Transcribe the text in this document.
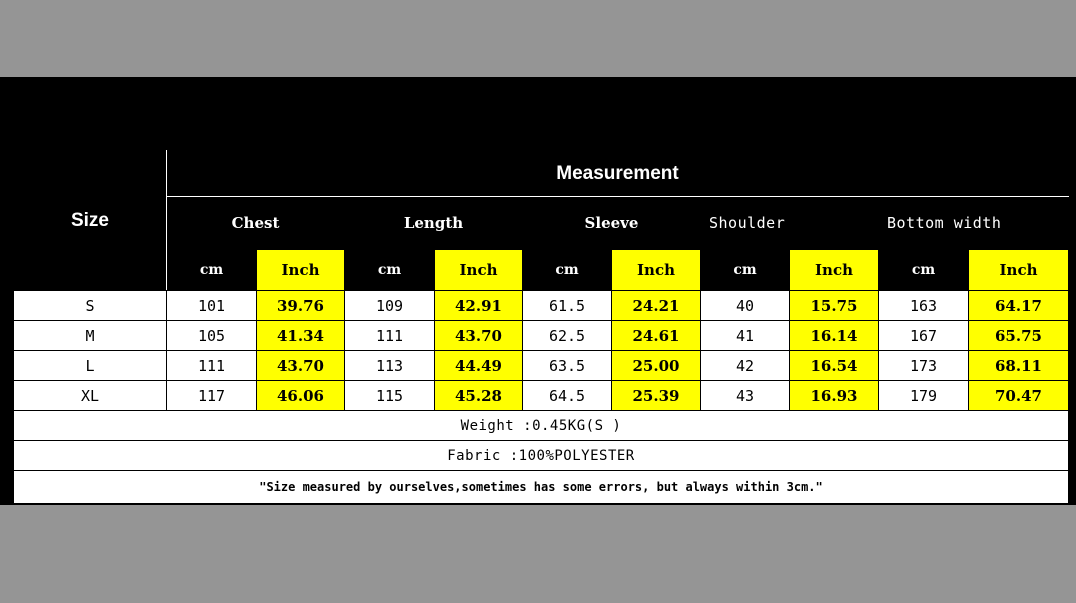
Size	Measurement									
	Chest		Length		Sleeve		Shoulder		Bottom width	
	cm	Inch	cm	Inch	cm	Inch	cm	Inch	cm	Inch
S	101	39.76	109	42.91	61.5	24.21	40	15.75	163	64.17
M	105	41.34	111	43.70	62.5	24.61	41	16.14	167	65.75
L	111	43.70	113	44.49	63.5	25.00	42	16.54	173	68.11
XL	117	46.06	115	45.28	64.5	25.39	43	16.93	179	70.47
Weight :0.45KG(S )										
Fabric :100%POLYESTER										
"Size measured by ourselves,sometimes has some errors, but always within 3cm."										
